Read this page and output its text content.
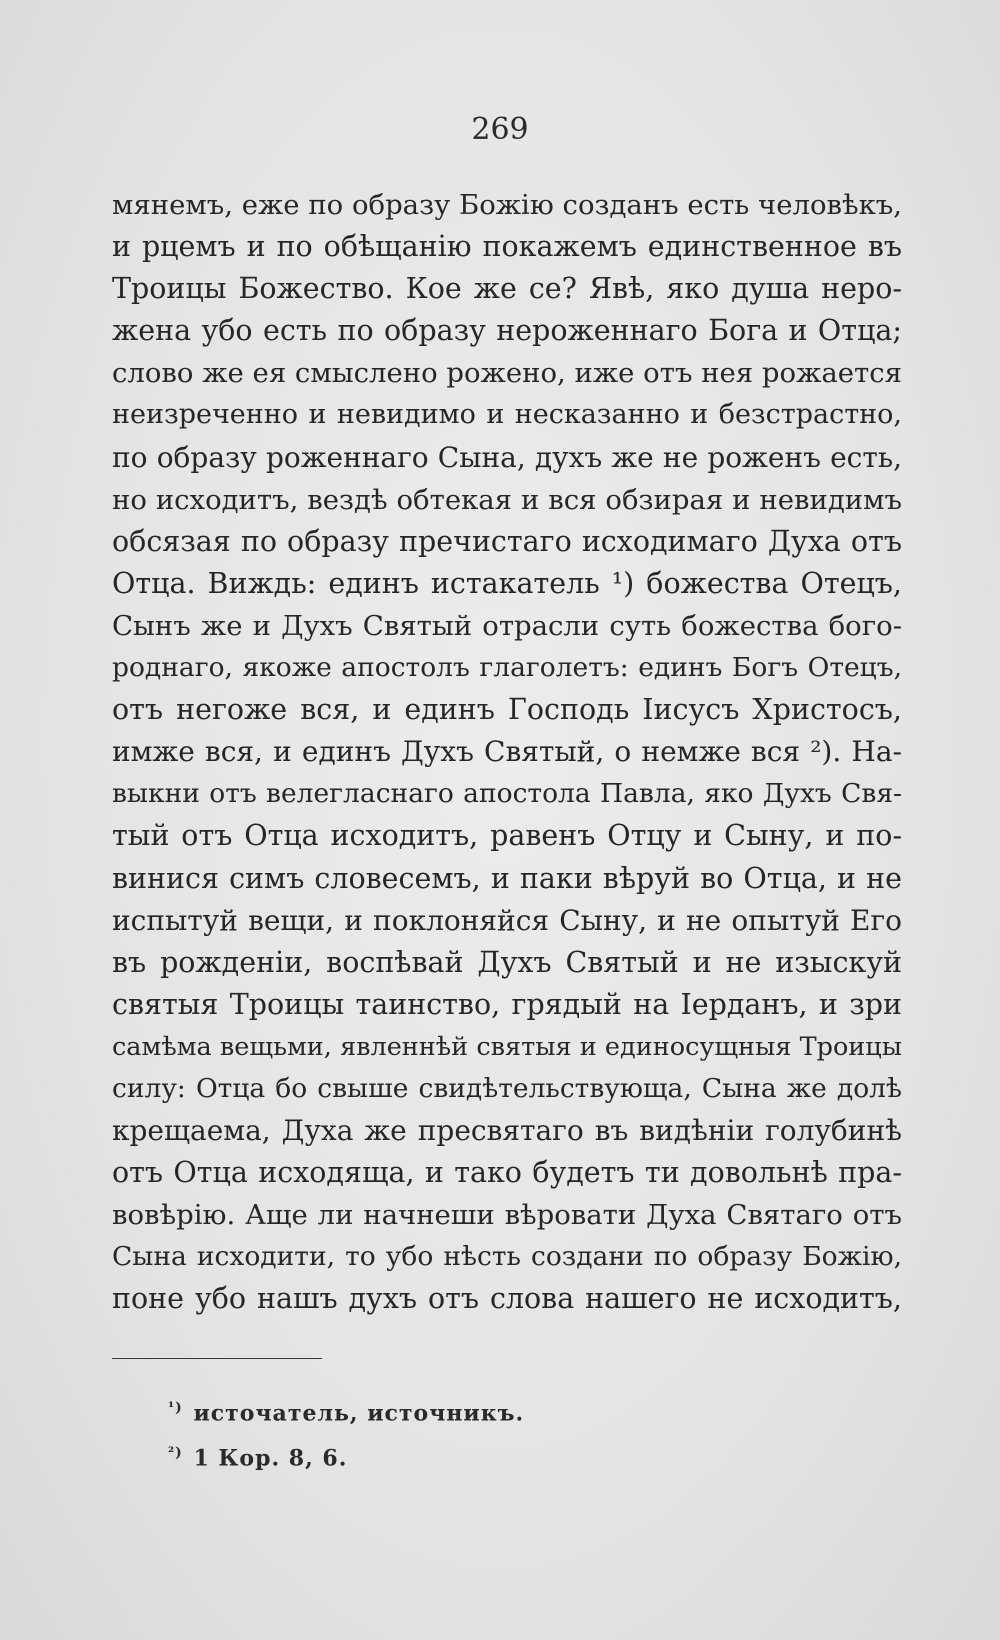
269
мянемъ, еже по образу Божію созданъ есть человѣкъ,
и рцемъ и по обѣщанію покажемъ единственное въ
Троицы Божество. Кое же се? Явѣ, яко душа неро-
жена убо есть по образу нероженнаго Бога и Отца;
слово же ея смыслено рожено, иже отъ нея рожается
неизреченно и невидимо и несказанно и безстрастно,
по образу роженнаго Сына, духъ же не роженъ есть,
но исходитъ, вездѣ обтекая и вся обзирая и невидимъ
обсязая по образу пречистаго исходимаго Духа отъ
Отца. Виждь: единъ истакатель ¹) божества Отецъ,
Сынъ же и Духъ Святый отрасли суть божества бого-
роднаго, якоже апостолъ глаголетъ: единъ Богъ Отецъ,
отъ негоже вся, и единъ Господь Іисусъ Христосъ,
имже вся, и единъ Духъ Святый, о немже вся ²). На-
выкни отъ велегласнаго апостола Павла, яко Духъ Свя-
тый отъ Отца исходитъ, равенъ Отцу и Сыну, и по-
винися симъ словесемъ, и паки вѣруй во Отца, и не
испытуй вещи, и поклоняйся Сыну, и не опытуй Его
въ рожденіи, воспѣвай Духъ Святый и не изыскуй
святыя Троицы таинство, грядый на Іерданъ, и зри
самѣма вещьми, явленнѣй святыя и единосущныя Троицы
силу: Отца бо свыше свидѣтельствующа, Сына же долѣ
крещаема, Духа же пресвятаго въ видѣніи голубинѣ
отъ Отца исходяща, и тако будетъ ти довольнѣ пра-
вовѣрію. Аще ли начнеши вѣровати Духа Святаго отъ
Сына исходити, то убо нѣсть создани по образу Божію,
поне убо нашъ духъ отъ слова нашего не исходитъ,
$^{^1)}$ источатель, источникъ.
$^{^2)}$ 1 Кор. 8, 6.
